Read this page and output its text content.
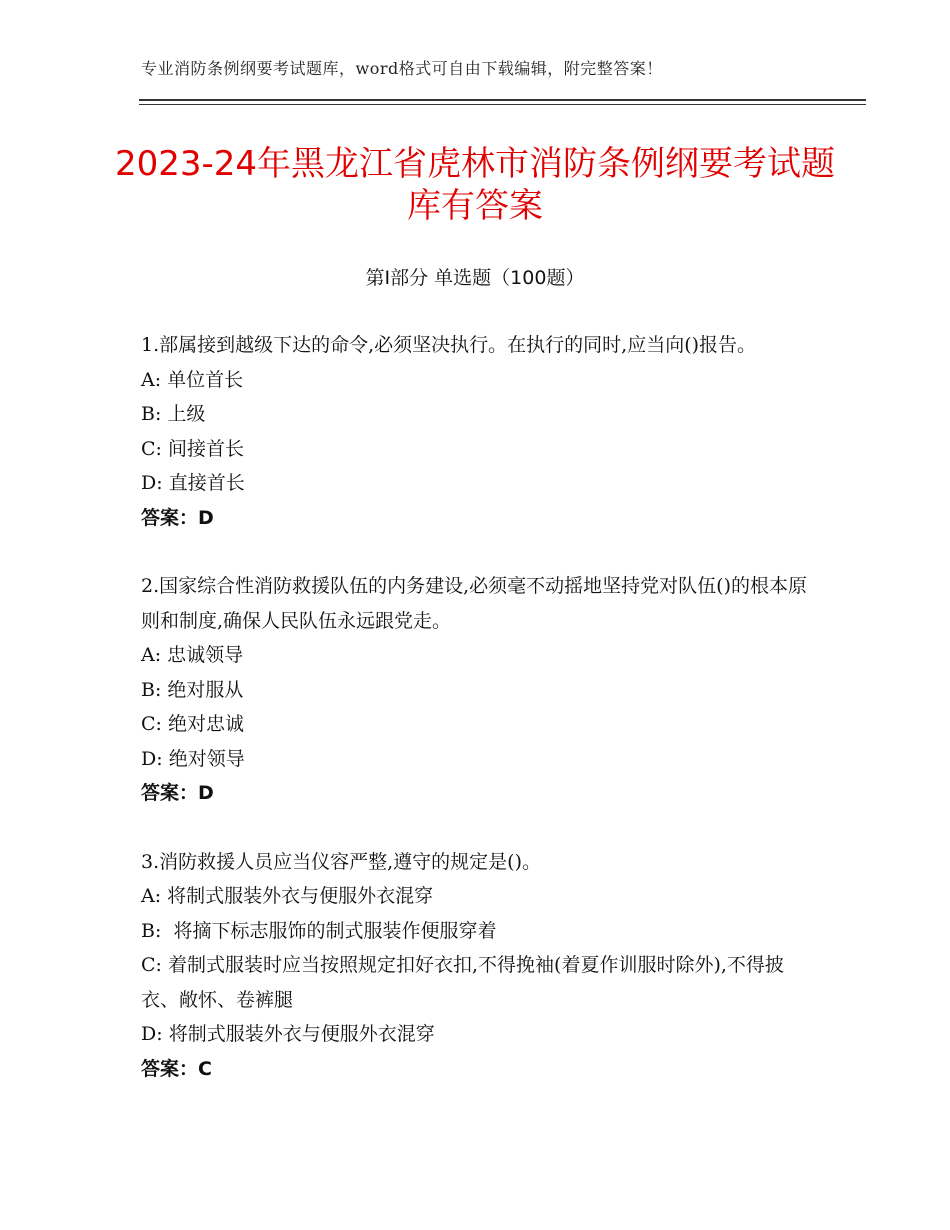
专业消防条例纲要考试题库，word格式可自由下载编辑，附完整答案！
2023-24年黑龙江省虎林市消防条例纲要考试题库有答案
第Ⅰ部分 单选题（100题）

1.部属接到越级下达的命令,必须坚决执行。在执行的同时,应当向()报告。

A: 单位首长

B: 上级

C: 间接首长

D: 直接首长

答案：D

2.国家综合性消防救援队伍的内务建设,必须毫不动摇地坚持党对队伍()的根本原则和制度,确保人民队伍永远跟党走。

A: 忠诚领导

B: 绝对服从

C: 绝对忠诚

D: 绝对领导

答案：D

3.消防救援人员应当仪容严整,遵守的规定是()。

A: 将制式服装外衣与便服外衣混穿

B:  将摘下标志服饰的制式服装作便服穿着

C: 着制式服装时应当按照规定扣好衣扣,不得挽袖(着夏作训服时除外),不得披衣、敞怀、卷裤腿

D: 将制式服装外衣与便服外衣混穿

答案：C
